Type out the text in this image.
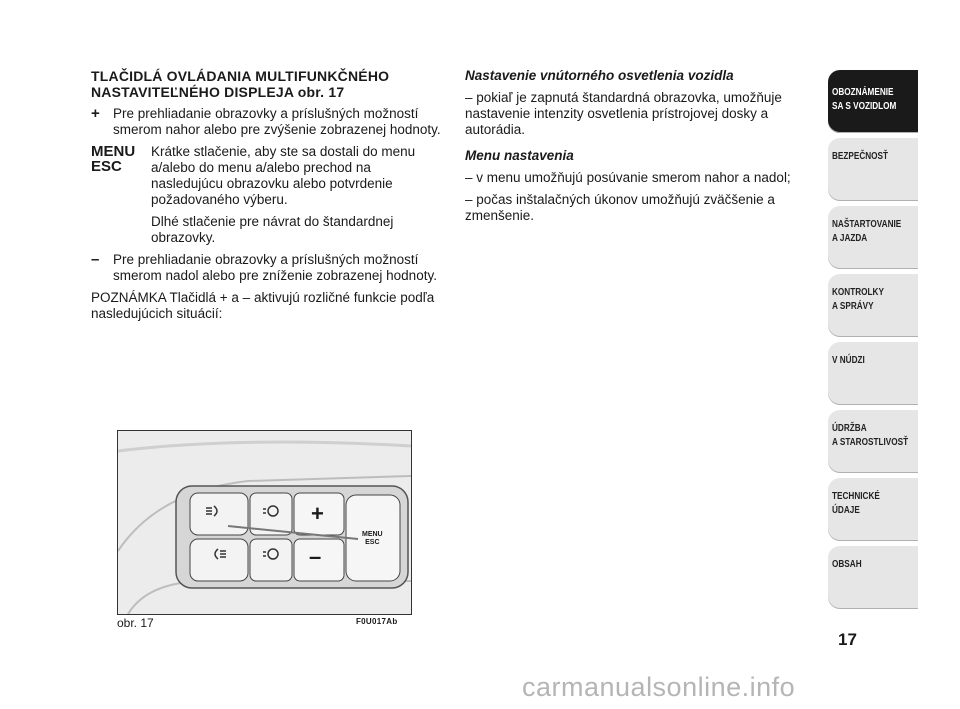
TLAČIDLÁ OVLÁDANIA MULTIFUNKČNÉHO
NASTAVITEĽNÉHO DISPLEJA obr. 17
+ Pre prehliadanie obrazovky a príslušných možností smerom nahor alebo pre zvýšenie zobrazenej hodnoty.
MENU
ESC
Krátke stlačenie, aby ste sa dostali do menu a/alebo do menu a/alebo prechod na nasledujúcu obrazovku alebo potvrdenie požadovaného výberu.
Dlhé stlačenie pre návrat do štandardnej obrazovky.
–	Pre prehliadanie obrazovky a príslušných možností smerom nadol alebo pre zníženie zobrazenej hodnoty.
POZNÁMKA Tlačidlá + a – aktivujú rozličné funkcie podľa nasledujúcich situácií:
Nastavenie vnútorného osvetlenia vozidla
– pokiaľ je zapnutá štandardná obrazovka, umožňuje nastavenie intenzity osvetlenia prístrojovej dosky a autorádia.
Menu nastavenia
– v menu umožňujú posúvanie smerom nahor a nadol;
– počas inštalačných úkonov umožňujú zväčšenie a zmenšenie.
+
–
MENU
ESC
obr. 17	F0U017Ab
OBOZNÁMENIE
SA S VOZIDLOM
BEZPEČNOSŤ
NAŠTARTOVANIE
A JAZDA
KONTROLKY
A SPRÁVY
V NÚDZI
ÚDRŽBA
A STAROSTLIVOSŤ
TECHNICKÉ
ÚDAJE
OBSAH
17
carmanualsonline.info
